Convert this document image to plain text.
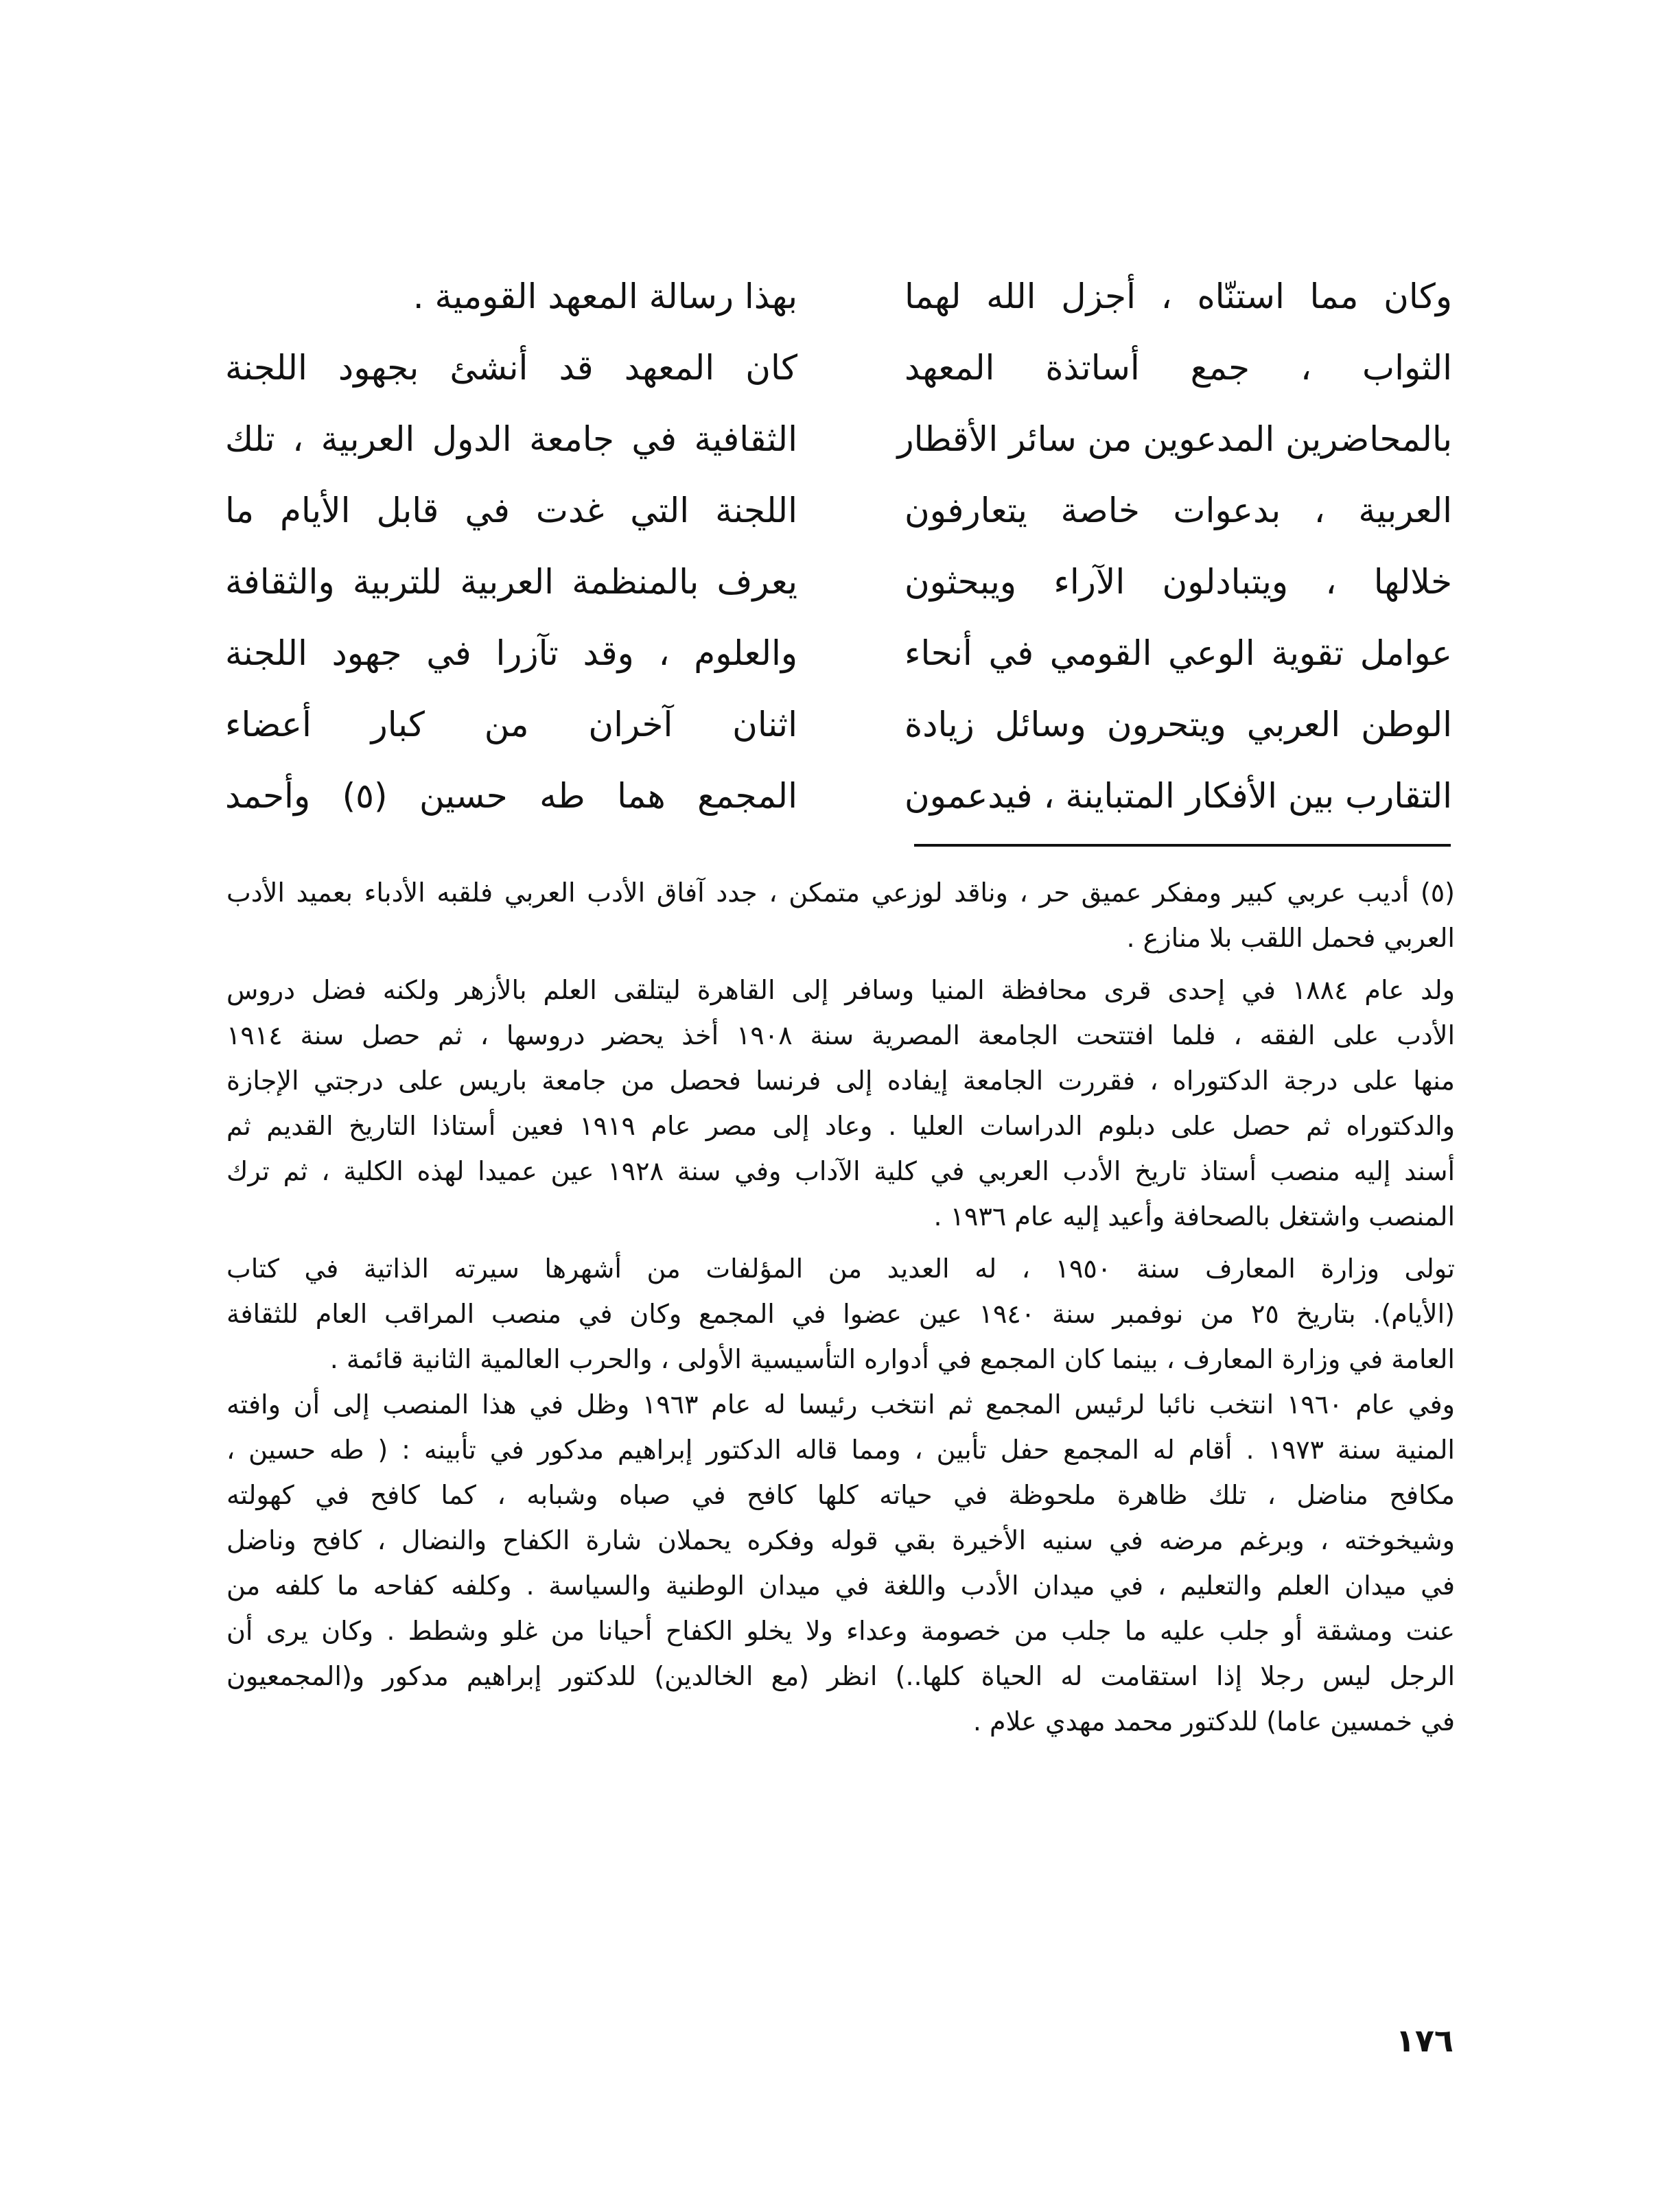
وكان مما استنّاه ، أجزل الله لهما
الثواب ، جمع أساتذة المعهد
بالمحاضرين المدعوين من سائر الأقطار
العربية ، بدعوات خاصة يتعارفون
خلالها ، ويتبادلون الآراء ويبحثون
عوامل تقوية الوعي القومي في أنحاء
الوطن العربي ويتحرون وسائل زيادة
التقارب بين الأفكار المتباينة ، فيدعمون
بهذا رسالة المعهد القومية .
كان المعهد قد أنشئ بجهود اللجنة
الثقافية في جامعة الدول العربية ، تلك
اللجنة التي غدت في قابل الأيام ما
يعرف بالمنظمة العربية للتربية والثقافة
والعلوم ، وقد تآزرا في جهود اللجنة
اثنان آخران من كبار أعضاء
المجمع هما طه حسين (٥) وأحمد
(٥) أديب عربي كبير ومفكر عميق حر ، وناقد لوزعي متمكن ، جدد آفاق الأدب العربي فلقبه الأدباء بعميد الأدب
العربي فحمل اللقب بلا منازع .
ولد عام ١٨٨٤ في إحدى قرى محافظة المنيا وسافر إلى القاهرة ليتلقى العلم بالأزهر ولكنه فضل دروس
الأدب على الفقه ، فلما افتتحت الجامعة المصرية سنة ١٩٠٨ أخذ يحضر دروسها ، ثم حصل سنة ١٩١٤
منها على درجة الدكتوراه ، فقررت الجامعة إيفاده إلى فرنسا فحصل من جامعة باريس على درجتي الإجازة
والدكتوراه ثم حصل على دبلوم الدراسات العليا . وعاد إلى مصر عام ١٩١٩ فعين أستاذا التاريخ القديم ثم
أسند إليه منصب أستاذ تاريخ الأدب العربي في كلية الآداب وفي سنة ١٩٢٨ عين عميدا لهذه الكلية ، ثم ترك
المنصب واشتغل بالصحافة وأعيد إليه عام ١٩٣٦ .
تولى وزارة المعارف سنة ١٩٥٠ ، له العديد من المؤلفات من أشهرها سيرته الذاتية في كتاب
(الأيام). بتاريخ ٢٥ من نوفمبر سنة ١٩٤٠ عين عضوا في المجمع وكان في منصب المراقب العام للثقافة
العامة في وزارة المعارف ، بينما كان المجمع في أدواره التأسيسية الأولى ، والحرب العالمية الثانية قائمة .
وفي عام ١٩٦٠ انتخب نائبا لرئيس المجمع ثم انتخب رئيسا له عام ١٩٦٣ وظل في هذا المنصب إلى أن وافته
المنية سنة ١٩٧٣ . أقام له المجمع حفل تأبين ، ومما قاله الدكتور إبراهيم مدكور في تأبينه : ( طه حسين ،
مكافح مناضل ، تلك ظاهرة ملحوظة في حياته كلها كافح في صباه وشبابه ، كما كافح في كهولته
وشيخوخته ، وبرغم مرضه في سنيه الأخيرة بقي قوله وفكره يحملان شارة الكفاح والنضال ، كافح وناضل
في ميدان العلم والتعليم ، في ميدان الأدب واللغة في ميدان الوطنية والسياسة . وكلفه كفاحه ما كلفه من
عنت ومشقة أو جلب عليه ما جلب من خصومة وعداء ولا يخلو الكفاح أحيانا من غلو وشطط . وكان يرى أن
الرجل ليس رجلا إذا استقامت له الحياة كلها..) انظر (مع الخالدين) للدكتور إبراهيم مدكور و(المجمعيون
في خمسين عاما) للدكتور محمد مهدي علام .
١٧٦
